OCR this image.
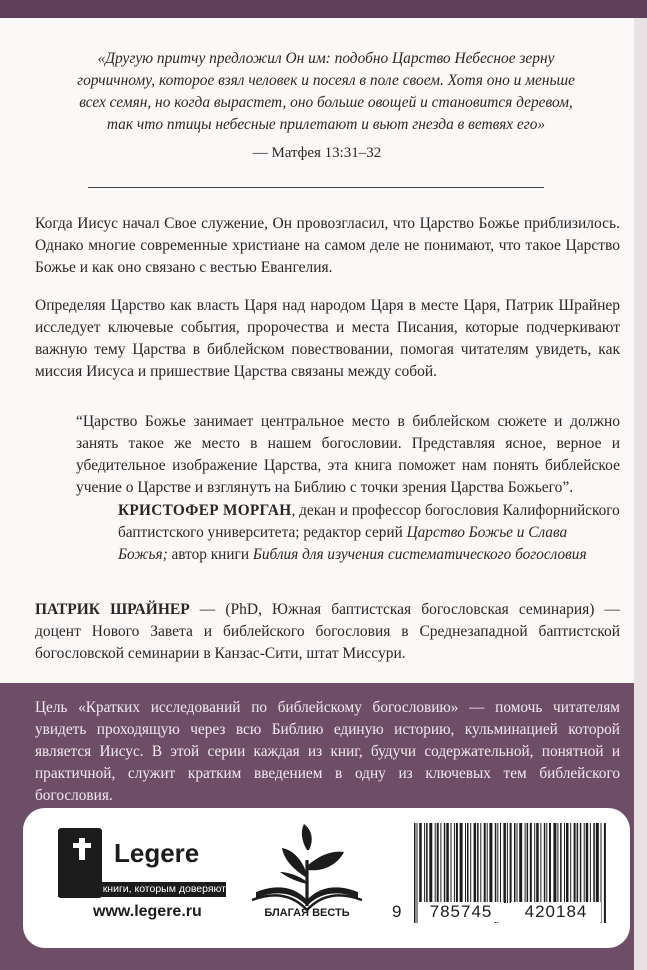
«Другую притчу предложил Он им: подобно Царство Небесное зерну горчичному, которое взял человек и посеял в поле своем. Хотя оно и меньше всех семян, но когда вырастет, оно больше овощей и становится деревом, так что птицы небесные прилетают и вьют гнезда в ветвях его»
— Матфея 13:31–32
Когда Иисус начал Свое служение, Он провозгласил, что Царство Божье приблизилось. Однако многие современные христиане на самом деле не понимают, что такое Царство Божье и как оно связано с вестью Евангелия.
Определяя Царство как власть Царя над народом Царя в месте Царя, Патрик Шрайнер исследует ключевые события, пророчества и места Писания, которые подчеркивают важную тему Царства в библейском повествовании, помогая читателям увидеть, как миссия Иисуса и пришествие Царства связаны между собой.
“Царство Божье занимает центральное место в библейском сюжете и должно занять такое же место в нашем богословии. Представляя ясное, верное и убедительное изображение Царства, эта книга поможет нам понять библейское учение о Царстве и взглянуть на Библию с точки зрения Царства Божьего”.
КРИСТОФЕР МОРГАН, декан и профессор богословия Калифорнийского баптистского университета; редактор серий Царство Божье и Слава Божья; автор книги Библия для изучения систематического богословия
ПАТРИК ШРАЙНЕР — (PhD, Южная баптистская богословская семинария) — доцент Нового Завета и библейского богословия в Среднезападной баптистской богословской семинарии в Канзас-Сити, штат Миссури.
Цель «Кратких исследований по библейскому богословию» — помочь читателям увидеть проходящую через всю Библию единую историю, кульминацией которой является Иисус. В этой серии каждая из книг, будучи содержательной, понятной и практичной, служит кратким введением в одну из ключевых тем библейского богословия.
Legere
книги, которым доверяют
www.legere.ru	БЛАГАЯ ВЕСТЬ	9	785745	420184
